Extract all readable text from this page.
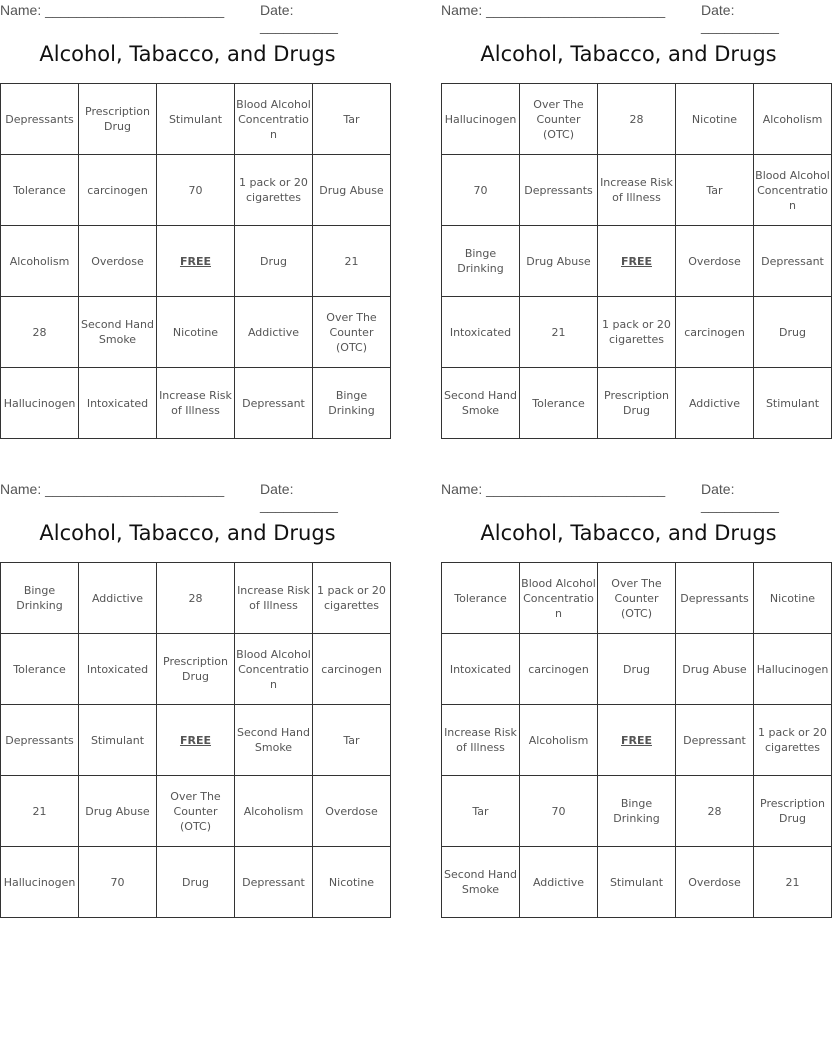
Name: _______________________	Date: __________
Alcohol, Tabacco, and Drugs
Depressants	Prescription Drug	Stimulant	Blood Alcohol Concentration	Tar
Tolerance	carcinogen	70	1 pack or 20 cigarettes	Drug Abuse
Alcoholism	Overdose	FREE	Drug	21
28	Second Hand Smoke	Nicotine	Addictive	Over The Counter (OTC)
Hallucinogen	Intoxicated	Increase Risk of Illness	Depressant	Binge Drinking
Name: _______________________	Date: __________
Alcohol, Tabacco, and Drugs
Hallucinogen	Over The Counter (OTC)	28	Nicotine	Alcoholism
70	Depressants	Increase Risk of Illness	Tar	Blood Alcohol Concentration
Binge Drinking	Drug Abuse	FREE	Overdose	Depressant
Intoxicated	21	1 pack or 20 cigarettes	carcinogen	Drug
Second Hand Smoke	Tolerance	Prescription Drug	Addictive	Stimulant
Name: _______________________	Date: __________
Alcohol, Tabacco, and Drugs
Binge Drinking	Addictive	28	Increase Risk of Illness	1 pack or 20 cigarettes
Tolerance	Intoxicated	Prescription Drug	Blood Alcohol Concentration	carcinogen
Depressants	Stimulant	FREE	Second Hand Smoke	Tar
21	Drug Abuse	Over The Counter (OTC)	Alcoholism	Overdose
Hallucinogen	70	Drug	Depressant	Nicotine
Name: _______________________	Date: __________
Alcohol, Tabacco, and Drugs
Tolerance	Blood Alcohol Concentration	Over The Counter (OTC)	Depressants	Nicotine
Intoxicated	carcinogen	Drug	Drug Abuse	Hallucinogen
Increase Risk of Illness	Alcoholism	FREE	Depressant	1 pack or 20 cigarettes
Tar	70	Binge Drinking	28	Prescription Drug
Second Hand Smoke	Addictive	Stimulant	Overdose	21
